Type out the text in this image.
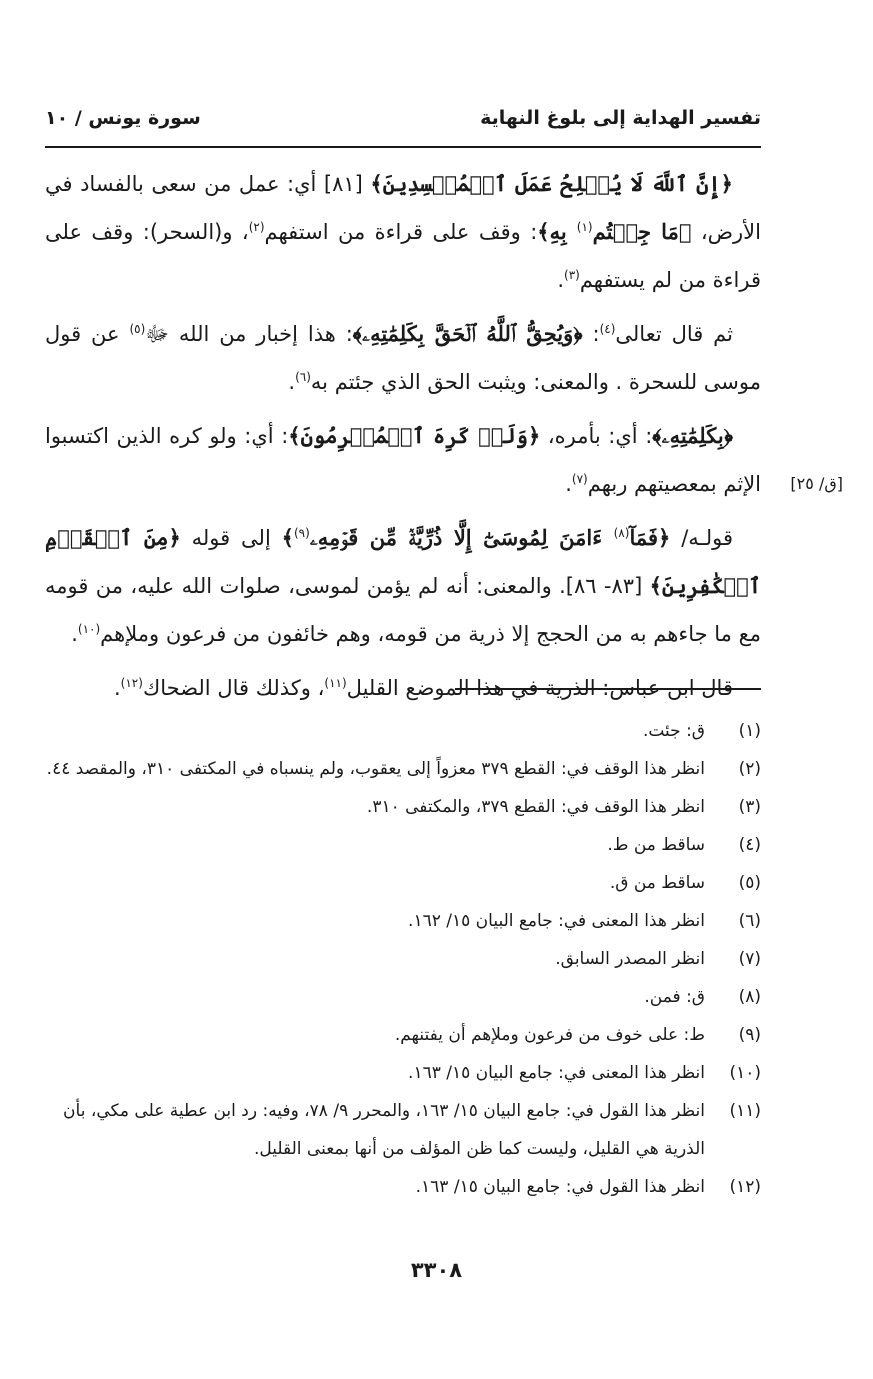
تفسير الهداية إلى بلوغ النهاية
سورة يونس / ١٠
[ق/ ٢٥]

﴿إِنَّ ٱللَّهَ لَا يُصۡلِحُ عَمَلَ ٱلۡمُفۡسِدِينَ﴾ [٨١] أي: عمل من سعى بالفساد في الأرض، ﴿مَا جِئۡتُم$^{(١)}$ بِهِ﴾: وقف على قراءة من استفهم$^{(٢)}$، و(السحر): وقف على قراءة من لم يستفهم$^{(٣)}$.

ثم قال تعالى$^{(٤)}$: ﴿وَيُحِقُّ ٱللَّهُ ٱلۡحَقَّ بِكَلِمَٰتِهِۦ﴾: هذا إخبار من الله ﷻ$^{(٥)}$ عن قول موسى للسحرة . والمعنى: ويثبت الحق الذي جئتم به$^{(٦)}$.

﴿بِكَلِمَٰتِهِۦ﴾: أي: بأمره، ﴿وَلَوۡ كَرِهَ ٱلۡمُجۡرِمُونَ﴾: أي: ولو كره الذين اكتسبوا الإثم بمعصيتهم ربهم$^{(٧)}$.

قولـه/ ﴿فَمَآ$^{(٨)}$ ءَامَنَ لِمُوسَىٰٓ إِلَّا ذُرِّيَّةٞ مِّن قَوۡمِهِۦ$^{(٩)}$﴾ إلى قوله ﴿مِنَ ٱلۡقَوۡمِ ٱلۡكَٰفِرِينَ﴾ [٨٣- ٨٦]. والمعنى: أنه لم يؤمن لموسى، صلوات الله عليه، من قومه مع ما جاءهم به من الحجج إلا ذرية من قومه، وهم خائفون من فرعون وملإهم$^{(١٠)}$.

قال ابن عباس: الذرية في هذا الموضع القليل$^{(١١)}$، وكذلك قال الضحاك$^{(١٢)}$.

(١)
ق: جئت.
(٢)
انظر هذا الوقف في: القطع ٣٧٩ معزواً إلى يعقوب، ولم ينسباه في المكتفى ٣١٠، والمقصد ٤٤.
(٣)
انظر هذا الوقف في: القطع ٣٧٩، والمكتفى ٣١٠.
(٤)
ساقط من ط.
(٥)
ساقط من ق.
(٦)
انظر هذا المعنى في: جامع البيان ١٥/ ١٦٢.
(٧)
انظر المصدر السابق.
(٨)
ق: فمن.
(٩)
ط: على خوف من فرعون وملإهم أن يفتنهم.
(١٠)
انظر هذا المعنى في: جامع البيان ١٥/ ١٦٣.
(١١)
انظر هذا القول في: جامع البيان ١٥/ ١٦٣، والمحرر ٩/ ٧٨، وفيه: رد ابن عطية على مكي، بأن الذرية هي القليل، وليست كما ظن المؤلف من أنها بمعنى القليل.
(١٢)
انظر هذا القول في: جامع البيان ١٥/ ١٦٣.
٣٣٠٨
